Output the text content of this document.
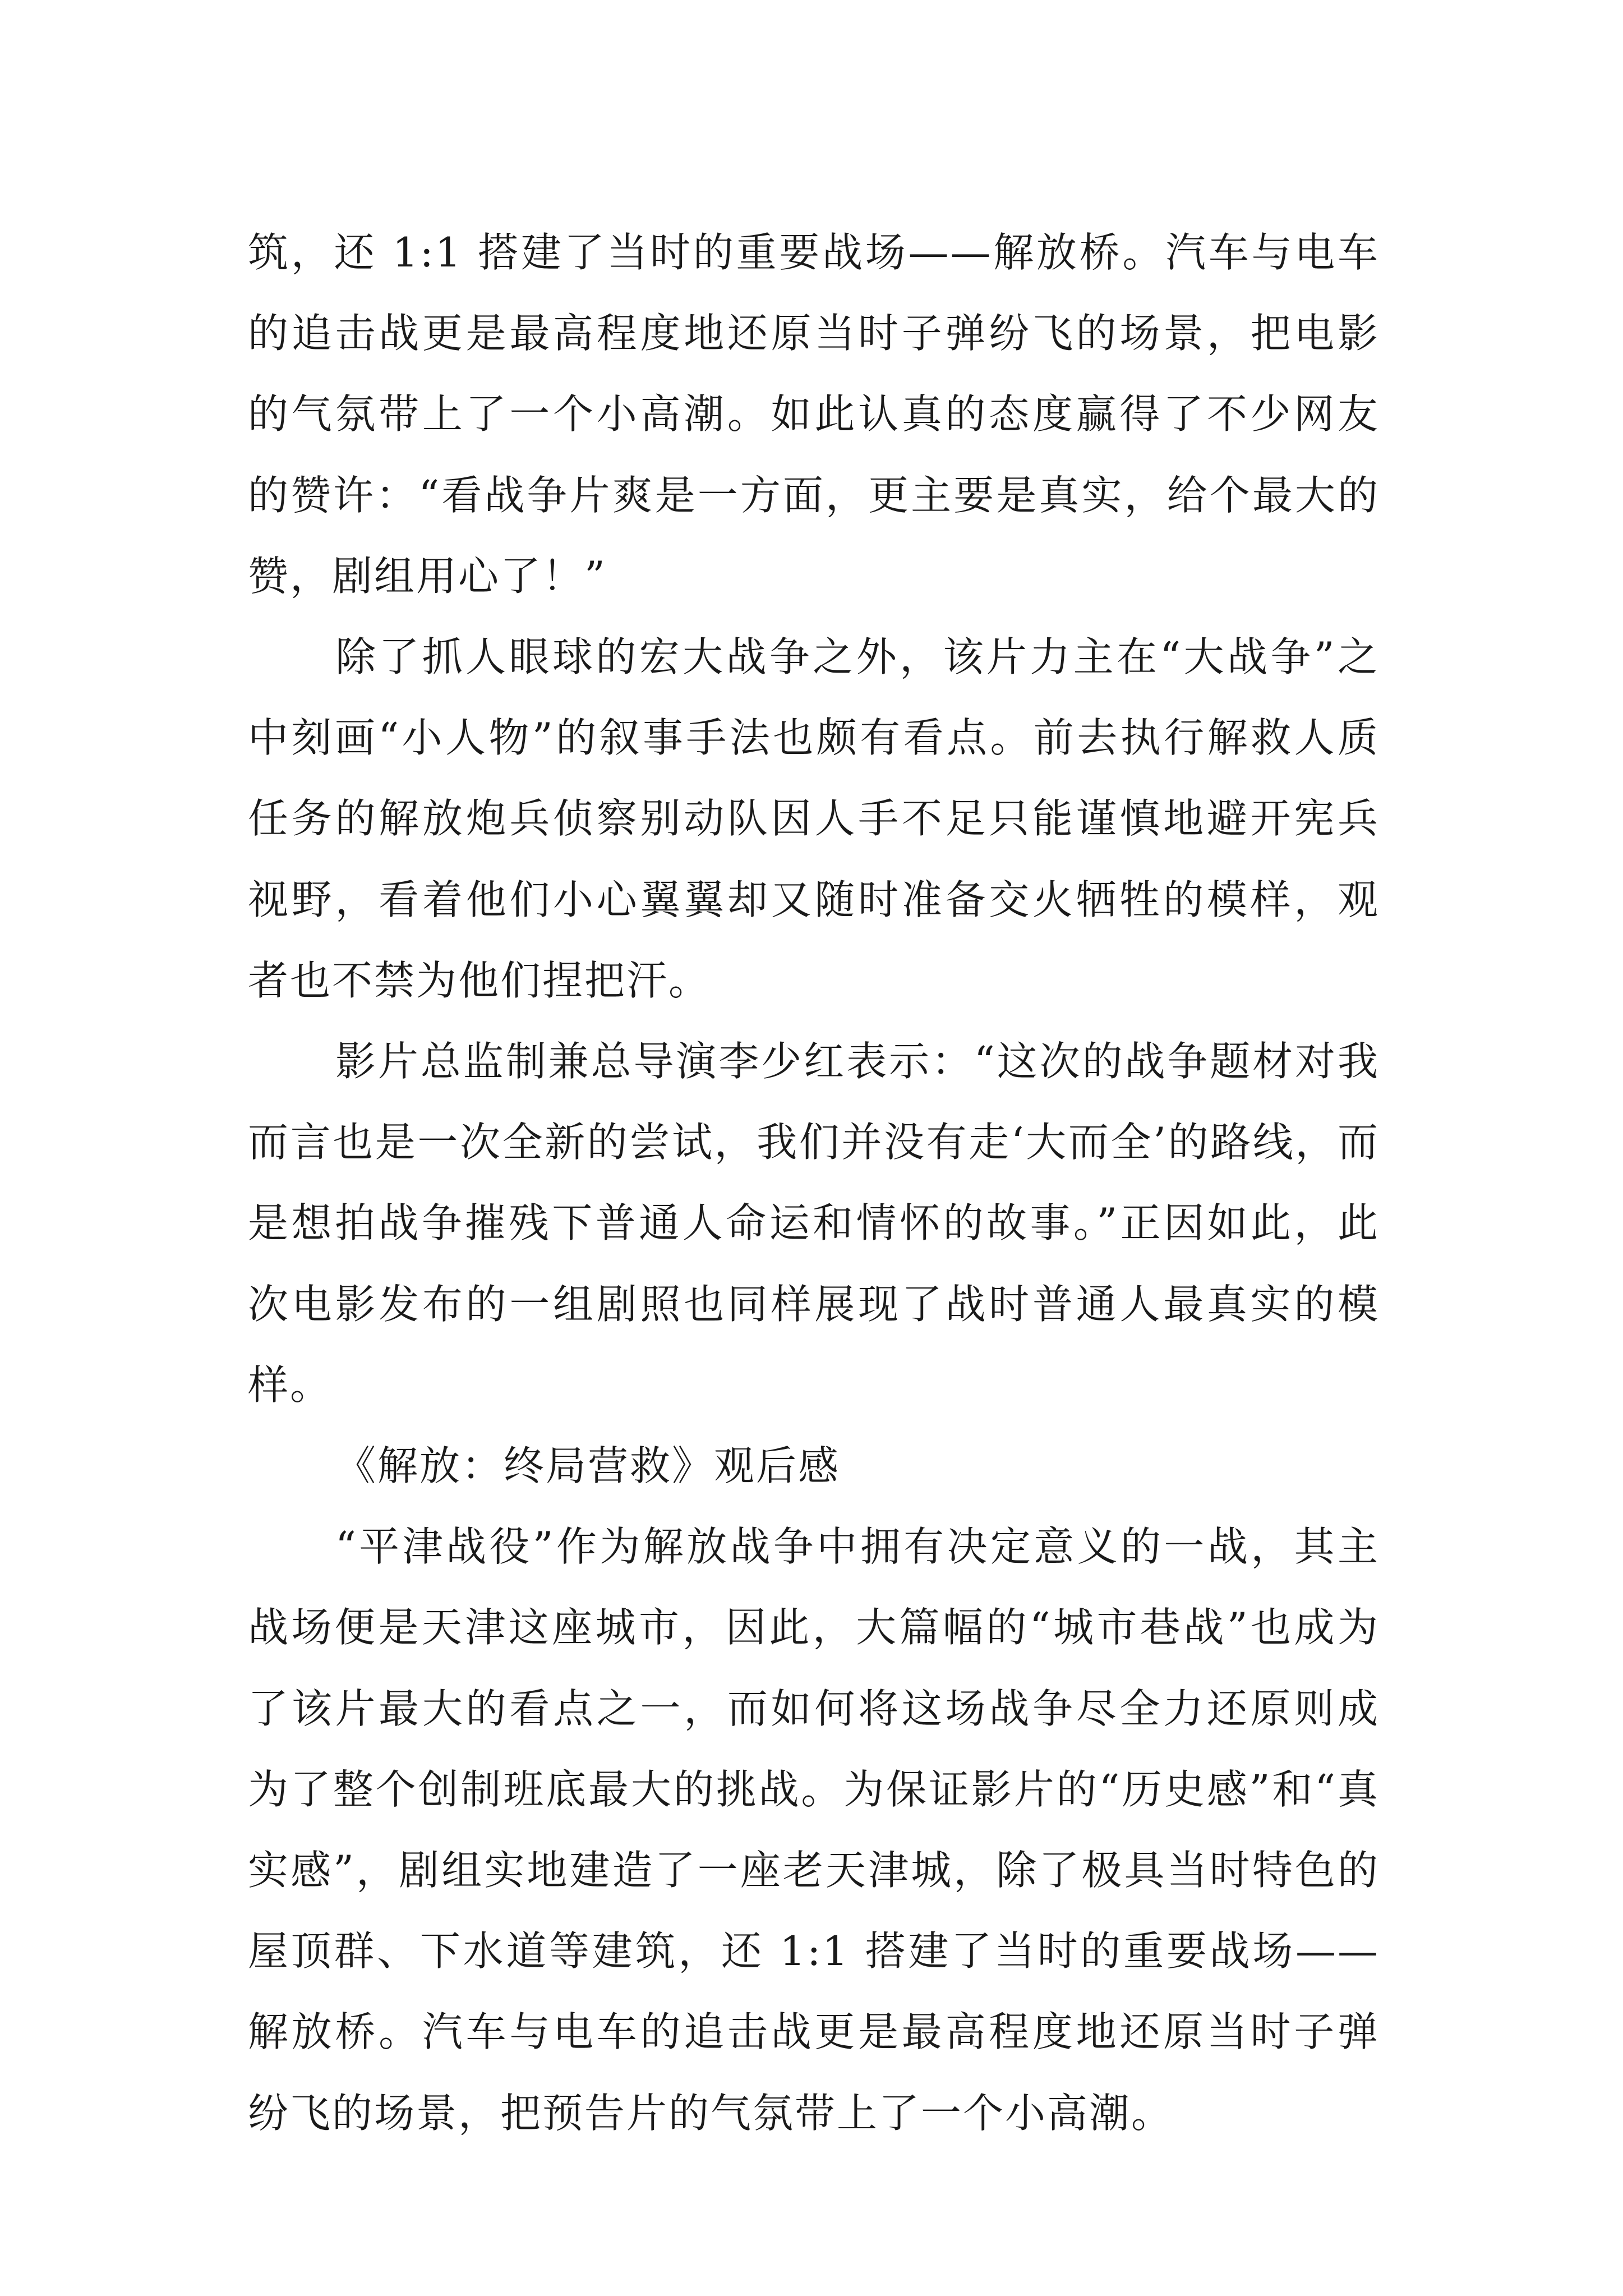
筑，还 1:1 搭建了当时的重要战场——解放桥。汽车与电车的追击战更是最高程度地还原当时子弹纷飞的场景，把电影的气氛带上了一个小高潮。如此认真的态度赢得了不少网友的赞许：“看战争片爽是一方面，更主要是真实，给个最大的赞，剧组用心了！”

除了抓人眼球的宏大战争之外，该片力主在“大战争”之中刻画“小人物”的叙事手法也颇有看点。前去执行解救人质任务的解放炮兵侦察别动队因人手不足只能谨慎地避开宪兵视野，看着他们小心翼翼却又随时准备交火牺牲的模样，观者也不禁为他们捏把汗。

影片总监制兼总导演李少红表示：“这次的战争题材对我而言也是一次全新的尝试，我们并没有走‘大而全’的路线，而是想拍战争摧残下普通人命运和情怀的故事。”正因如此，此次电影发布的一组剧照也同样展现了战时普通人最真实的模样。

《解放：终局营救》观后感

“平津战役”作为解放战争中拥有决定意义的一战，其主战场便是天津这座城市，因此，大篇幅的“城市巷战”也成为了该片最大的看点之一，而如何将这场战争尽全力还原则成为了整个创制班底最大的挑战。为保证影片的“历史感”和“真实感”，剧组实地建造了一座老天津城，除了极具当时特色的屋顶群、下水道等建筑，还 1:1 搭建了当时的重要战场——解放桥。汽车与电车的追击战更是最高程度地还原当时子弹纷飞的场景，把预告片的气氛带上了一个小高潮。
